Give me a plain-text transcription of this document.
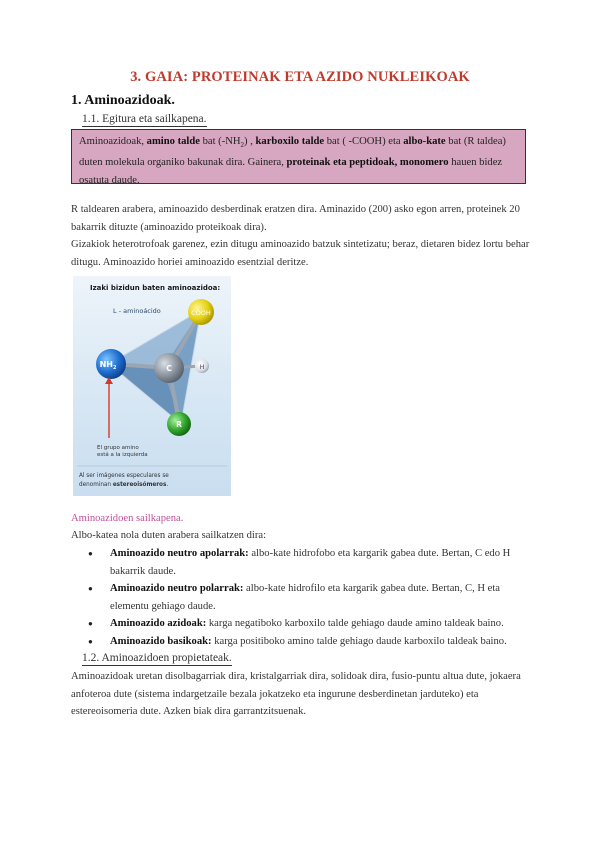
3. GAIA: PROTEINAK ETA AZIDO NUKLEIKOAK
1. Aminoazidoak.
1.1. Egitura eta sailkapena.
Aminoazidoak, amino talde bat $(-NH_2)$ , karboxilo talde bat ( -COOH) eta albo-kate bat (R taldea) duten molekula organiko bakunak dira. Gainera, proteinak eta peptidoak, monomero hauen bidez osatuta daude.
R taldearen arabera, aminoazido desberdinak eratzen dira. Aminazido (200) asko egon arren, proteinek 20 bakarrik dituzte (aminoazido proteikoak dira).
Gizakiok heterotrofoak garenez, ezin ditugu aminoazido batzuk sintetizatu; beraz, dietaren bidez lortu behar ditugu. Aminoazido horiei aminoazido esentzial deritze.
COOH
$NH_2$	C	H
R
Izaki bizidun baten aminoazidoa:
L - aminoácido
El grupo amino
está a la izquierda
Al ser imágenes especulares se
denominan estereoisómeros.
Aminoazidoen sailkapena.
Albo-katea nola duten arabera sailkatzen dira:
● Aminoazido neutro apolarrak: albo-kate hidrofobo eta kargarik gabea dute. Bertan, C edo H bakarrik daude.
● Aminoazido neutro polarrak: albo-kate hidrofilo eta kargarik gabea dute. Bertan, C, H eta elementu gehiago daude.
● Aminoazido azidoak: karga negatiboko karboxilo talde gehiago daude amino taldeak baino.
● Aminoazido basikoak: karga positiboko amino talde gehiago daude karboxilo taldeak baino.
1.2. Aminoazidoen propietateak.
Aminoazidoak uretan disolbagarriak dira, kristalgarriak dira, solidoak dira, fusio-puntu altua dute, jokaera anfoteroa dute (sistema indargetzaile bezala jokatzeko eta ingurune desberdinetan jarduteko) eta estereoisomeria dute. Azken biak dira garrantzitsuenak.
